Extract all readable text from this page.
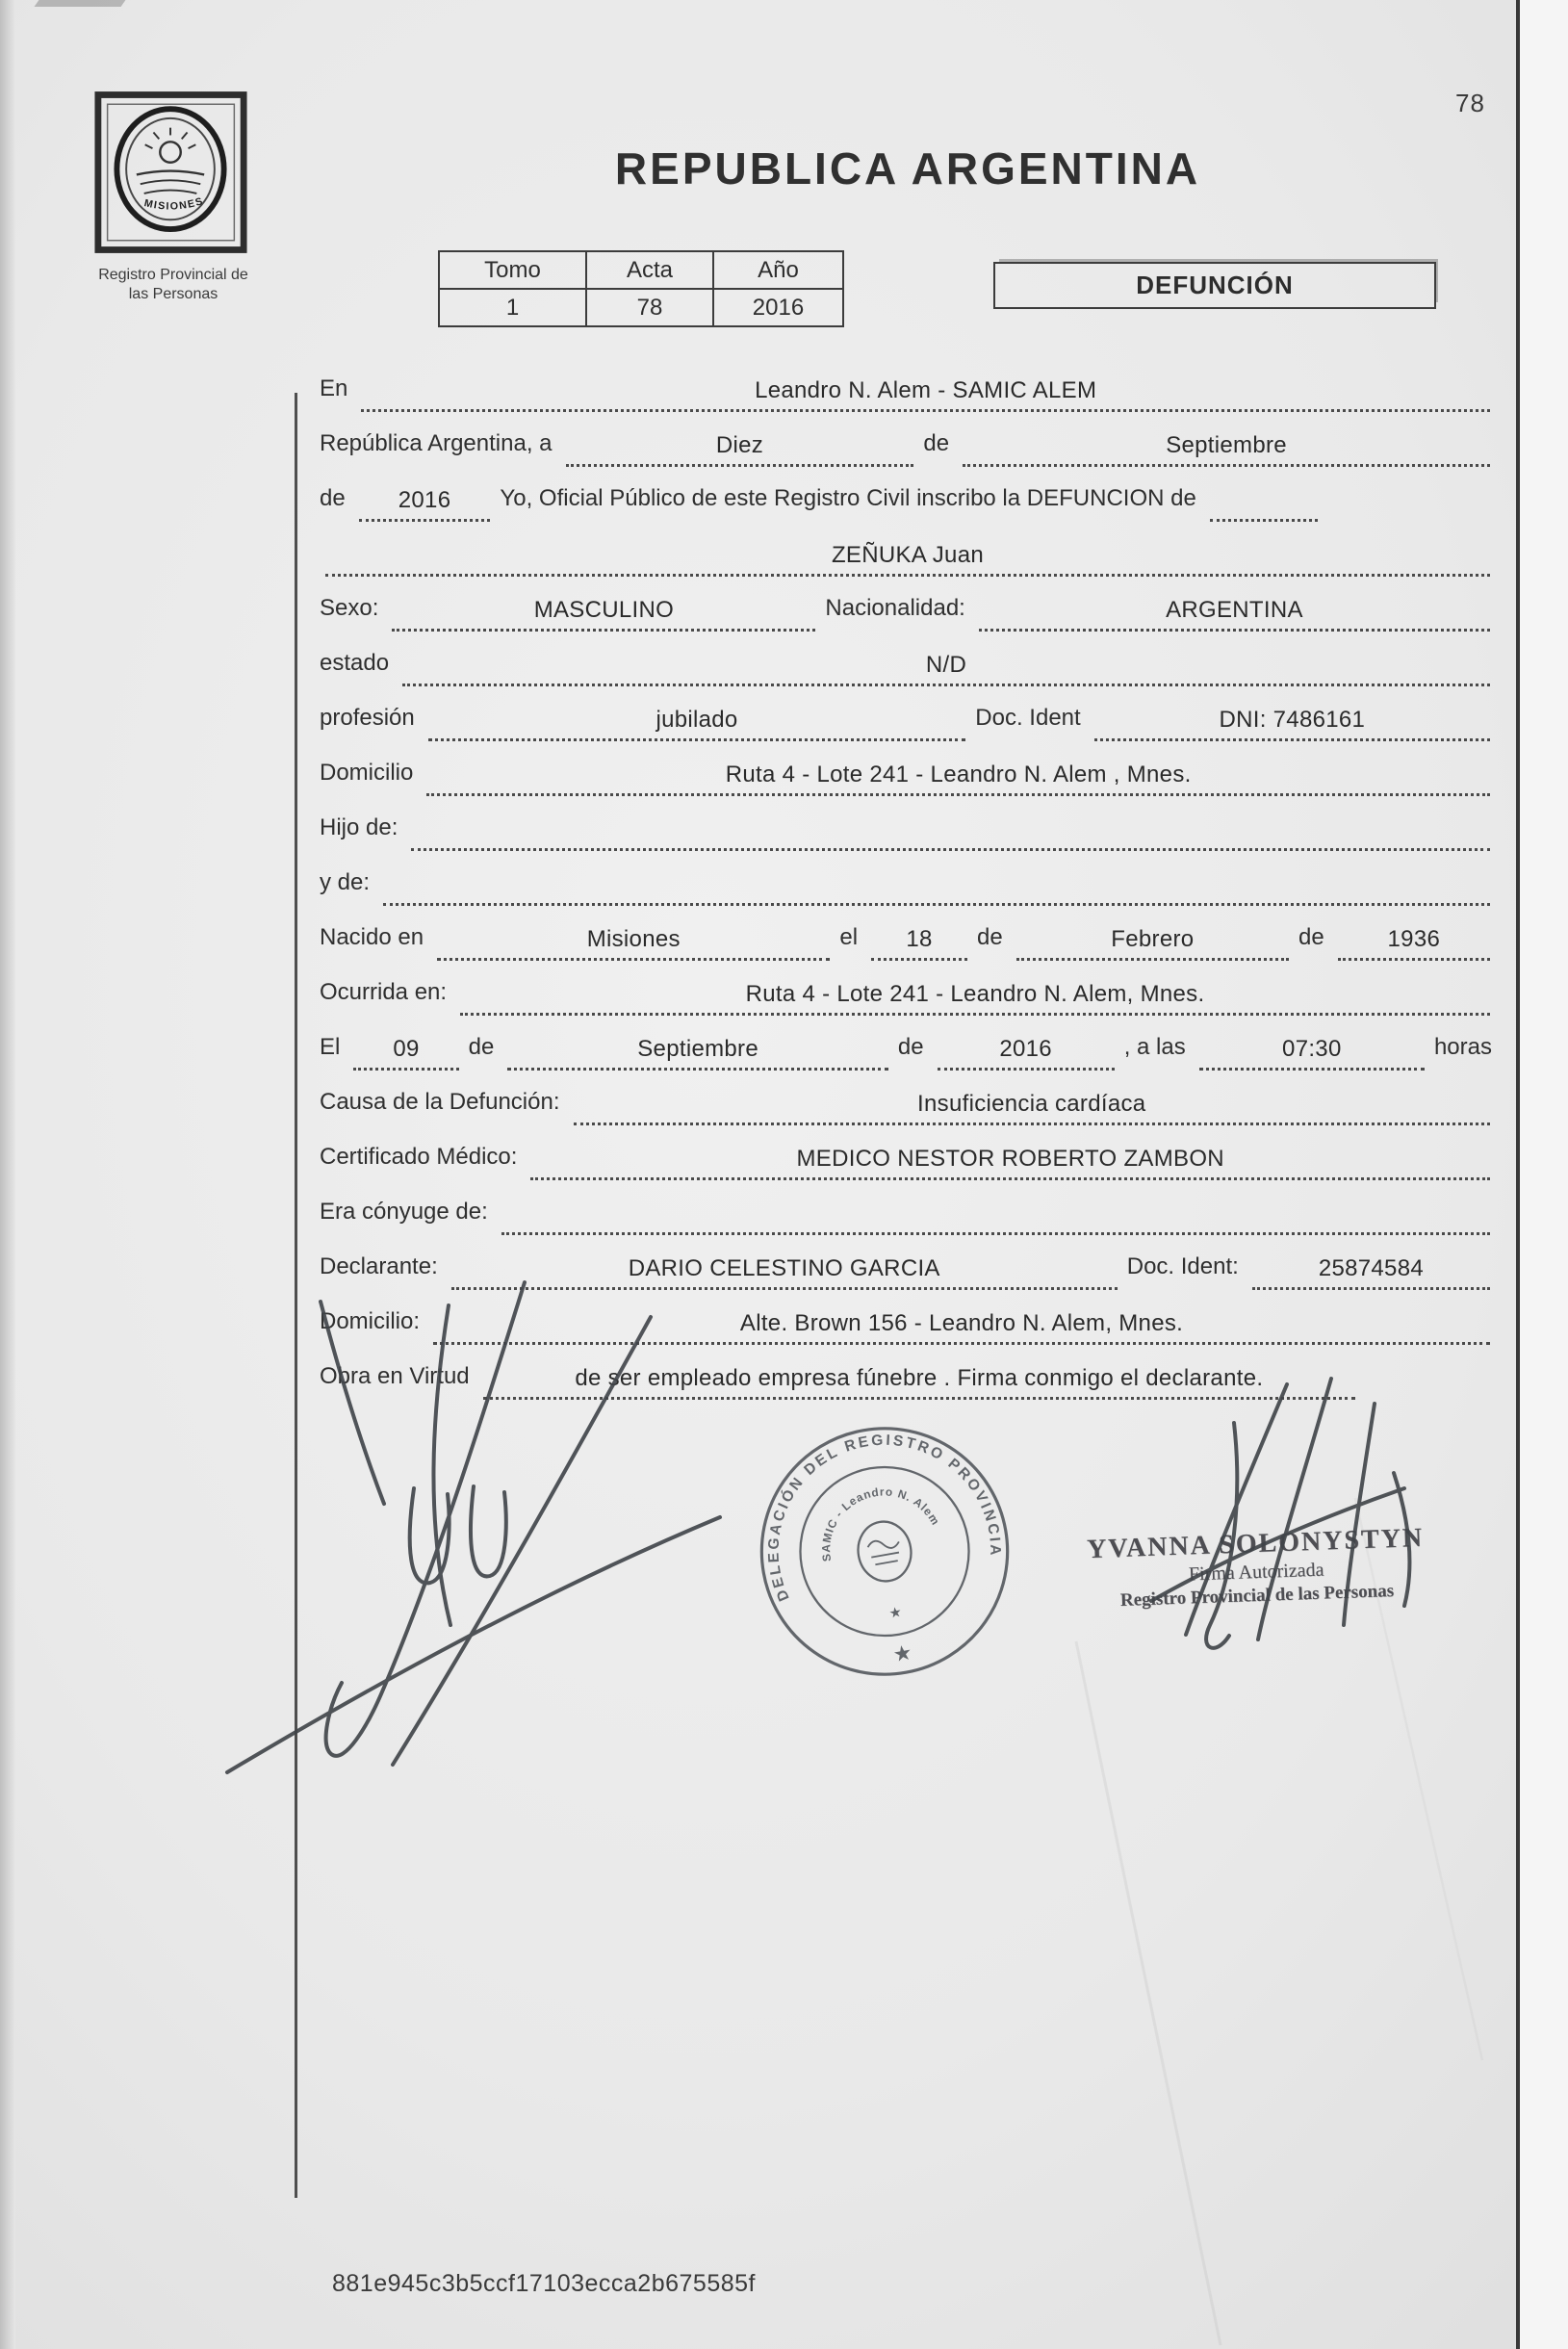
78
MISIONES
Registro Provincial de
las Personas
REPUBLICA ARGENTINA
Tomo	Acta	Año
1	78	2016
DEFUNCIÓN
En	Leandro N. Alem - SAMIC ALEM
República Argentina, a	Diez	de	Septiembre
de	2016	Yo, Oficial Público de este Registro Civil inscribo la DEFUNCION de
ZEÑUKA Juan
Sexo:	MASCULINO	Nacionalidad:	ARGENTINA
estado	N/D
profesión	jubilado	Doc. Ident	DNI: 7486161
Domicilio	Ruta 4 - Lote 241 - Leandro N. Alem , Mnes.
Hijo de:
y de:
Nacido en	Misiones	el	18	de	Febrero	de	1936
Ocurrida en:	Ruta 4 - Lote 241 - Leandro N. Alem, Mnes.
El	09	de	Septiembre	de	2016	, a las	07:30	horas
Causa de la Defunción:	Insuficiencia cardíaca
Certificado Médico:	MEDICO NESTOR ROBERTO ZAMBON
Era cónyuge de:
Declarante:	DARIO CELESTINO GARCIA	Doc. Ident:	25874584
Domicilio:	Alte. Brown 156 - Leandro N. Alem, Mnes.
Obra en Virtud	de ser empleado empresa fúnebre . Firma conmigo el declarante.
DELEGACIÓN DEL REGISTRO PROVINCIAL DE LAS PERSONAS
SAMIC - Leandro N. Alem
★
★
YVANNA SOLONYSTYN
Firma Autorizada
Registro Provincial de las Personas
881e945c3b5ccf17103ecca2b675585f
